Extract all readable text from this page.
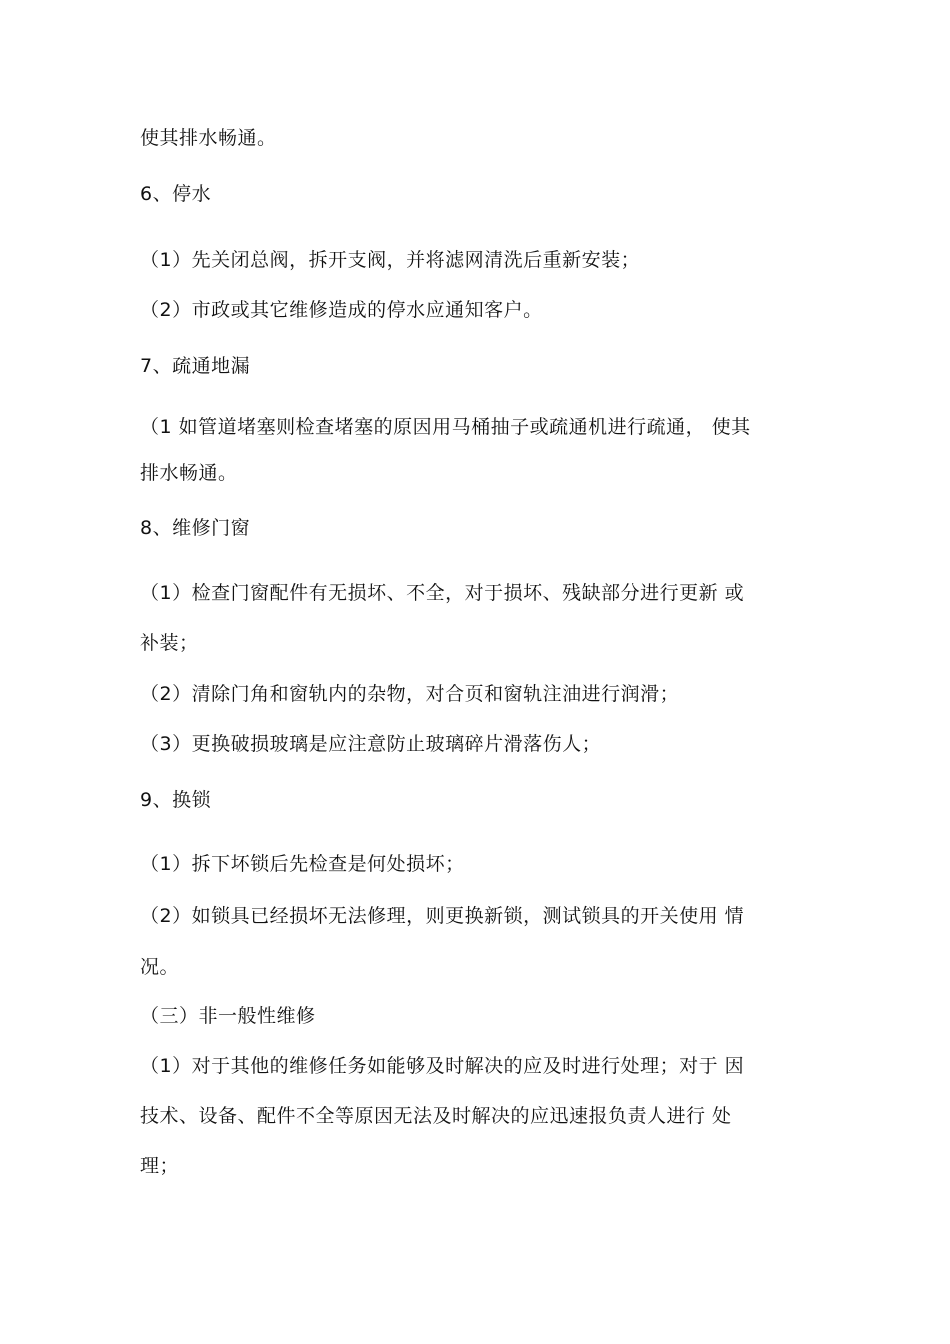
使其排水畅通。
6、停水
（1）先关闭总阀，拆开支阀，并将滤网清洗后重新安装；
（2）市政或其它维修造成的停水应通知客户。
7、疏通地漏
（1 如管道堵塞则检查堵塞的原因用马桶抽子或疏通机进行疏通， 使其
排水畅通。
8、维修门窗
（1）检查门窗配件有无损坏、不全，对于损坏、残缺部分进行更新 或
补装；
（2）清除门角和窗轨内的杂物，对合页和窗轨注油进行润滑；
（3）更换破损玻璃是应注意防止玻璃碎片滑落伤人；
9、换锁
（1）拆下坏锁后先检查是何处损坏；
（2）如锁具已经损坏无法修理，则更换新锁，测试锁具的开关使用 情
况。
（三）非一般性维修
（1）对于其他的维修任务如能够及时解决的应及时进行处理；对于 因
技术、设备、配件不全等原因无法及时解决的应迅速报负责人进行 处
理；
